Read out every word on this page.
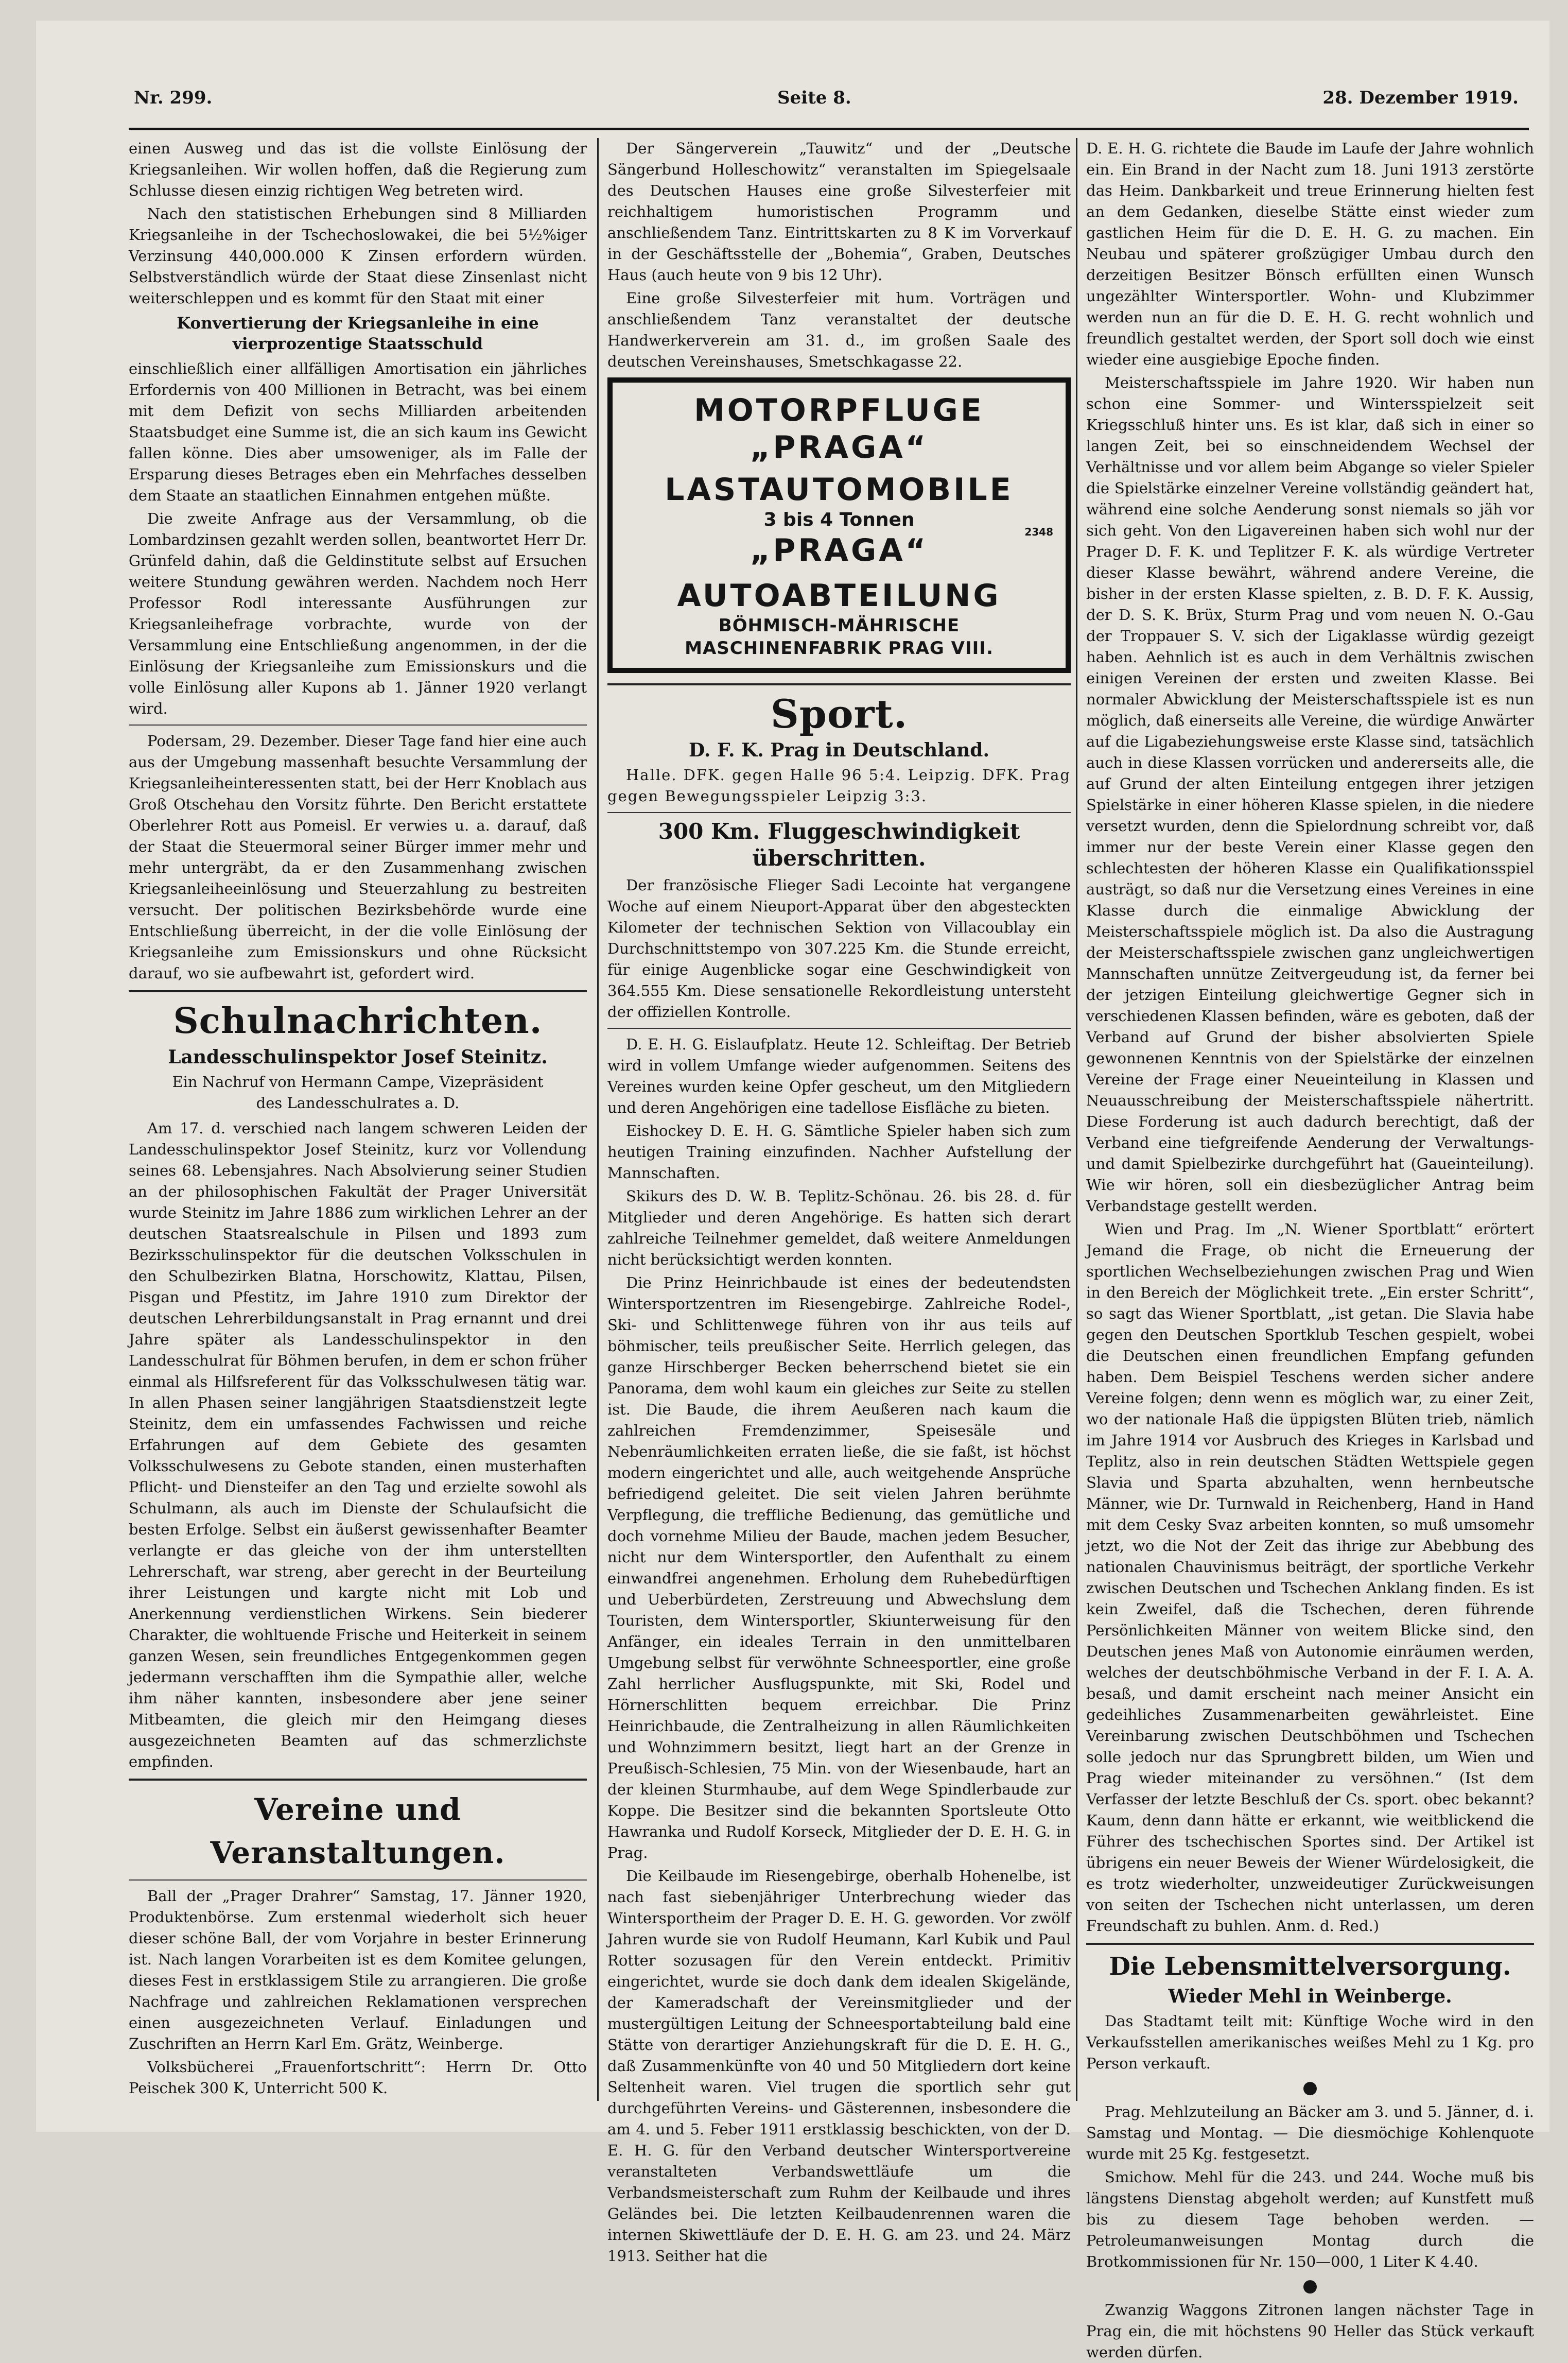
Nr. 299.	Seite 8.	28. Dezember 1919.

einen Ausweg und das ist die vollste Einlösung der Kriegsanleihen. Wir wollen hoffen, daß die Regierung zum Schlusse diesen einzig richtigen Weg betreten wird.

Nach den statistischen Erhebungen sind 8 Milliarden Kriegsanleihe in der Tschechoslowakei, die bei 5½%iger Verzinsung 440,000.000 K Zinsen erfordern würden. Selbstverständlich würde der Staat diese Zinsenlast nicht weiterschleppen und es kommt für den Staat mit einer

Konvertierung der Kriegsanleihe in eine vierprozentige Staatsschuld

einschließlich einer allfälligen Amortisation ein jährliches Erfordernis von 400 Millionen in Betracht, was bei einem mit dem Defizit von sechs Milliarden arbeitenden Staatsbudget eine Summe ist, die an sich kaum ins Gewicht fallen könne. Dies aber umsoweniger, als im Falle der Ersparung dieses Betrages eben ein Mehrfaches desselben dem Staate an staatlichen Einnahmen entgehen müßte.

Die zweite Anfrage aus der Versammlung, ob die Lombardzinsen gezahlt werden sollen, beantwortet Herr Dr. Grünfeld dahin, daß die Geldinstitute selbst auf Ersuchen weitere Stundung gewähren werden. Nachdem noch Herr Professor Rodl interessante Ausführungen zur Kriegsanleihefrage vorbrachte, wurde von der Versammlung eine Entschließung angenommen, in der die Einlösung der Kriegsanleihe zum Emissionskurs und die volle Einlösung aller Kupons ab 1. Jänner 1920 verlangt wird.

Podersam, 29. Dezember. Dieser Tage fand hier eine auch aus der Umgebung massenhaft besuchte Versammlung der Kriegsanleiheinteressenten statt, bei der Herr Knoblach aus Groß Otschehau den Vorsitz führte. Den Bericht erstattete Oberlehrer Rott aus Pomeisl. Er verwies u. a. darauf, daß der Staat die Steuermoral seiner Bürger immer mehr und mehr untergräbt, da er den Zusammenhang zwischen Kriegsanleiheeinlösung und Steuerzahlung zu bestreiten versucht. Der politischen Bezirksbehörde wurde eine Entschließung überreicht, in der die volle Einlösung der Kriegsanleihe zum Emissionskurs und ohne Rücksicht darauf, wo sie aufbewahrt ist, gefordert wird.

Schulnachrichten.
Landesschulinspektor Josef Steinitz.
Ein Nachruf von Hermann Campe, Vizepräsident des Landesschulrates a. D.

Am 17. d. verschied nach langem schweren Leiden der Landesschulinspektor Josef Steinitz, kurz vor Vollendung seines 68. Lebensjahres. Nach Absolvierung seiner Studien an der philosophischen Fakultät der Prager Universität wurde Steinitz im Jahre 1886 zum wirklichen Lehrer an der deutschen Staatsrealschule in Pilsen und 1893 zum Bezirksschulinspektor für die deutschen Volksschulen in den Schulbezirken Blatna, Horschowitz, Klattau, Pilsen, Pisgan und Pfestitz, im Jahre 1910 zum Direktor der deutschen Lehrerbildungsanstalt in Prag ernannt und drei Jahre später als Landesschulinspektor in den Landesschulrat für Böhmen berufen, in dem er schon früher einmal als Hilfsreferent für das Volksschulwesen tätig war. In allen Phasen seiner langjährigen Staatsdienstzeit legte Steinitz, dem ein umfassendes Fachwissen und reiche Erfahrungen auf dem Gebiete des gesamten Volksschulwesens zu Gebote standen, einen musterhaften Pflicht- und Diensteifer an den Tag und erzielte sowohl als Schulmann, als auch im Dienste der Schulaufsicht die besten Erfolge. Selbst ein äußerst gewissenhafter Beamter verlangte er das gleiche von der ihm unterstellten Lehrerschaft, war streng, aber gerecht in der Beurteilung ihrer Leistungen und kargte nicht mit Lob und Anerkennung verdienstlichen Wirkens. Sein biederer Charakter, die wohltuende Frische und Heiterkeit in seinem ganzen Wesen, sein freundliches Entgegenkommen gegen jedermann verschafften ihm die Sympathie aller, welche ihm näher kannten, insbesondere aber jene seiner Mitbeamten, die gleich mir den Heimgang dieses ausgezeichneten Beamten auf das schmerzlichste empfinden.

Vereine und Veranstaltungen.

Ball der „Prager Drahrer“ Samstag, 17. Jänner 1920, Produktenbörse. Zum erstenmal wiederholt sich heuer dieser schöne Ball, der vom Vorjahre in bester Erinnerung ist. Nach langen Vorarbeiten ist es dem Komitee gelungen, dieses Fest in erstklassigem Stile zu arrangieren. Die große Nachfrage und zahlreichen Reklamationen versprechen einen ausgezeichneten Verlauf. Einladungen und Zuschriften an Herrn Karl Em. Grätz, Weinberge.

Volksbücherei „Frauenfortschritt“: Herrn Dr. Otto Peischek 300 K, Unterricht 500 K.

Der Sängerverein „Tauwitz“ und der „Deutsche Sängerbund Holleschowitz“ veranstalten im Spiegelsaale des Deutschen Hauses eine große Silvesterfeier mit reichhaltigem humoristischen Programm und anschließendem Tanz. Eintrittskarten zu 8 K im Vorverkauf in der Geschäftsstelle der „Bohemia“, Graben, Deutsches Haus (auch heute von 9 bis 12 Uhr).

Eine große Silvesterfeier mit hum. Vorträgen und anschließendem Tanz veranstaltet der deutsche Handwerkerverein am 31. d., im großen Saale des deutschen Vereinshauses, Smetschkagasse 22.

MOTORPFLUGE
„PRAGA“
LASTAUTOMOBILE
3 bis 4 Tonnen
„PRAGA“
AUTOABTEILUNG
BÖHMISCH-MÄHRISCHE
MASCHINENFABRIK PRAG VIII.
2348
Sport.
D. F. K. Prag in Deutschland.

Halle. DFK. gegen Halle 96 5:4. Leipzig. DFK. Prag gegen Bewegungsspieler Leipzig 3:3.

300 Km. Fluggeschwindigkeit überschritten.

Der französische Flieger Sadi Lecointe hat vergangene Woche auf einem Nieuport-Apparat über den abgesteckten Kilometer der technischen Sektion von Villacoublay ein Durchschnittstempo von 307.225 Km. die Stunde erreicht, für einige Augenblicke sogar eine Geschwindigkeit von 364.555 Km. Diese sensationelle Rekordleistung untersteht der offiziellen Kontrolle.

D. E. H. G. Eislaufplatz. Heute 12. Schleiftag. Der Betrieb wird in vollem Umfange wieder aufgenommen. Seitens des Vereines wurden keine Opfer gescheut, um den Mitgliedern und deren Angehörigen eine tadellose Eisfläche zu bieten.

Eishockey D. E. H. G. Sämtliche Spieler haben sich zum heutigen Training einzufinden. Nachher Aufstellung der Mannschaften.

Skikurs des D. W. B. Teplitz-Schönau. 26. bis 28. d. für Mitglieder und deren Angehörige. Es hatten sich derart zahlreiche Teilnehmer gemeldet, daß weitere Anmeldungen nicht berücksichtigt werden konnten.

Die Prinz Heinrichbaude ist eines der bedeutendsten Wintersportzentren im Riesengebirge. Zahlreiche Rodel-, Ski- und Schlittenwege führen von ihr aus teils auf böhmischer, teils preußischer Seite. Herrlich gelegen, das ganze Hirschberger Becken beherrschend bietet sie ein Panorama, dem wohl kaum ein gleiches zur Seite zu stellen ist. Die Baude, die ihrem Aeußeren nach kaum die zahlreichen Fremdenzimmer, Speisesäle und Nebenräumlichkeiten erraten ließe, die sie faßt, ist höchst modern eingerichtet und alle, auch weitgehende Ansprüche befriedigend geleitet. Die seit vielen Jahren berühmte Verpflegung, die treffliche Bedienung, das gemütliche und doch vornehme Milieu der Baude, machen jedem Besucher, nicht nur dem Wintersportler, den Aufenthalt zu einem einwandfrei angenehmen. Erholung dem Ruhebedürftigen und Ueberbürdeten, Zerstreuung und Abwechslung dem Touristen, dem Wintersportler, Skiunterweisung für den Anfänger, ein ideales Terrain in den unmittelbaren Umgebung selbst für verwöhnte Schneesportler, eine große Zahl herrlicher Ausflugspunkte, mit Ski, Rodel und Hörnerschlitten bequem erreichbar. Die Prinz Heinrichbaude, die Zentralheizung in allen Räumlichkeiten und Wohnzimmern besitzt, liegt hart an der Grenze in Preußisch-Schlesien, 75 Min. von der Wiesenbaude, hart an der kleinen Sturmhaube, auf dem Wege Spindlerbaude zur Koppe. Die Besitzer sind die bekannten Sportsleute Otto Hawranka und Rudolf Korseck, Mitglieder der D. E. H. G. in Prag.

Die Keilbaude im Riesengebirge, oberhalb Hohenelbe, ist nach fast siebenjähriger Unterbrechung wieder das Wintersportheim der Prager D. E. H. G. geworden. Vor zwölf Jahren wurde sie von Rudolf Heumann, Karl Kubik und Paul Rotter sozusagen für den Verein entdeckt. Primitiv eingerichtet, wurde sie doch dank dem idealen Skigelände, der Kameradschaft der Vereinsmitglieder und der mustergültigen Leitung der Schneesportabteilung bald eine Stätte von derartiger Anziehungskraft für die D. E. H. G., daß Zusammenkünfte von 40 und 50 Mitgliedern dort keine Seltenheit waren. Viel trugen die sportlich sehr gut durchgeführten Vereins- und Gästerennen, insbesondere die am 4. und 5. Feber 1911 erstklassig beschickten, von der D. E. H. G. für den Verband deutscher Wintersportvereine veranstalteten Verbandswettläufe um die Verbandsmeisterschaft zum Ruhm der Keilbaude und ihres Geländes bei. Die letzten Keilbaudenrennen waren die internen Skiwettläufe der D. E. H. G. am 23. und 24. März 1913. Seither hat die

D. E. H. G. richtete die Baude im Laufe der Jahre wohnlich ein. Ein Brand in der Nacht zum 18. Juni 1913 zerstörte das Heim. Dankbarkeit und treue Erinnerung hielten fest an dem Gedanken, dieselbe Stätte einst wieder zum gastlichen Heim für die D. E. H. G. zu machen. Ein Neubau und späterer großzügiger Umbau durch den derzeitigen Besitzer Bönsch erfüllten einen Wunsch ungezählter Wintersportler. Wohn- und Klubzimmer werden nun an für die D. E. H. G. recht wohnlich und freundlich gestaltet werden, der Sport soll doch wie einst wieder eine ausgiebige Epoche finden.

Meisterschaftsspiele im Jahre 1920. Wir haben nun schon eine Sommer- und Wintersspielzeit seit Kriegsschluß hinter uns. Es ist klar, daß sich in einer so langen Zeit, bei so einschneidendem Wechsel der Verhältnisse und vor allem beim Abgange so vieler Spieler die Spielstärke einzelner Vereine vollständig geändert hat, während eine solche Aenderung sonst niemals so jäh vor sich geht. Von den Ligavereinen haben sich wohl nur der Prager D. F. K. und Teplitzer F. K. als würdige Vertreter dieser Klasse bewährt, während andere Vereine, die bisher in der ersten Klasse spielten, z. B. D. F. K. Aussig, der D. S. K. Brüx, Sturm Prag und vom neuen N. O.-Gau der Troppauer S. V. sich der Ligaklasse würdig gezeigt haben. Aehnlich ist es auch in dem Verhältnis zwischen einigen Vereinen der ersten und zweiten Klasse. Bei normaler Abwicklung der Meisterschaftsspiele ist es nun möglich, daß einerseits alle Vereine, die würdige Anwärter auf die Ligabeziehungsweise erste Klasse sind, tatsächlich auch in diese Klassen vorrücken und andererseits alle, die auf Grund der alten Einteilung entgegen ihrer jetzigen Spielstärke in einer höheren Klasse spielen, in die niedere versetzt wurden, denn die Spielordnung schreibt vor, daß immer nur der beste Verein einer Klasse gegen den schlechtesten der höheren Klasse ein Qualifikationsspiel austrägt, so daß nur die Versetzung eines Vereines in eine Klasse durch die einmalige Abwicklung der Meisterschaftsspiele möglich ist. Da also die Austragung der Meisterschaftsspiele zwischen ganz ungleichwertigen Mannschaften unnütze Zeitvergeudung ist, da ferner bei der jetzigen Einteilung gleichwertige Gegner sich in verschiedenen Klassen befinden, wäre es geboten, daß der Verband auf Grund der bisher absolvierten Spiele gewonnenen Kenntnis von der Spielstärke der einzelnen Vereine der Frage einer Neueinteilung in Klassen und Neuausschreibung der Meisterschaftsspiele nähertritt. Diese Forderung ist auch dadurch berechtigt, daß der Verband eine tiefgreifende Aenderung der Verwaltungs- und damit Spielbezirke durchgeführt hat (Gaueinteilung). Wie wir hören, soll ein diesbezüglicher Antrag beim Verbandstage gestellt werden.

Wien und Prag. Im „N. Wiener Sportblatt“ erörtert Jemand die Frage, ob nicht die Erneuerung der sportlichen Wechselbeziehungen zwischen Prag und Wien in den Bereich der Möglichkeit trete. „Ein erster Schritt“, so sagt das Wiener Sportblatt, „ist getan. Die Slavia habe gegen den Deutschen Sportklub Teschen gespielt, wobei die Deutschen einen freundlichen Empfang gefunden haben. Dem Beispiel Teschens werden sicher andere Vereine folgen; denn wenn es möglich war, zu einer Zeit, wo der nationale Haß die üppigsten Blüten trieb, nämlich im Jahre 1914 vor Ausbruch des Krieges in Karlsbad und Teplitz, also in rein deutschen Städten Wettspiele gegen Slavia und Sparta abzuhalten, wenn hernbeutsche Männer, wie Dr. Turnwald in Reichenberg, Hand in Hand mit dem Cesky Svaz arbeiten konnten, so muß umsomehr jetzt, wo die Not der Zeit das ihrige zur Abebbung des nationalen Chauvinismus beiträgt, der sportliche Verkehr zwischen Deutschen und Tschechen Anklang finden. Es ist kein Zweifel, daß die Tschechen, deren führende Persönlichkeiten Männer von weitem Blicke sind, den Deutschen jenes Maß von Autonomie einräumen werden, welches der deutschböhmische Verband in der F. I. A. A. besaß, und damit erscheint nach meiner Ansicht ein gedeihliches Zusammenarbeiten gewährleistet. Eine Vereinbarung zwischen Deutschböhmen und Tschechen solle jedoch nur das Sprungbrett bilden, um Wien und Prag wieder miteinander zu versöhnen.“ (Ist dem Verfasser der letzte Beschluß der Cs. sport. obec bekannt? Kaum, denn dann hätte er erkannt, wie weitblickend die Führer des tschechischen Sportes sind. Der Artikel ist übrigens ein neuer Beweis der Wiener Würdelosigkeit, die es trotz wiederholter, unzweideutiger Zurückweisungen von seiten der Tschechen nicht unterlassen, um deren Freundschaft zu buhlen. Anm. d. Red.)

Die Lebensmittelversorgung.
Wieder Mehl in Weinberge.

Das Stadtamt teilt mit: Künftige Woche wird in den Verkaufsstellen amerikanisches weißes Mehl zu 1 Kg. pro Person verkauft.

●

Prag. Mehlzuteilung an Bäcker am 3. und 5. Jänner, d. i. Samstag und Montag. — Die diesmöchige Kohlenquote wurde mit 25 Kg. festgesetzt.

Smichow. Mehl für die 243. und 244. Woche muß bis längstens Dienstag abgeholt werden; auf Kunstfett muß bis zu diesem Tage behoben werden. — Petroleumanweisungen Montag durch die Brotkommissionen für Nr. 150—000, 1 Liter K 4.40.

●

Zwanzig Waggons Zitronen langen nächster Tage in Prag ein, die mit höchstens 90 Heller das Stück verkauft werden dürfen.
